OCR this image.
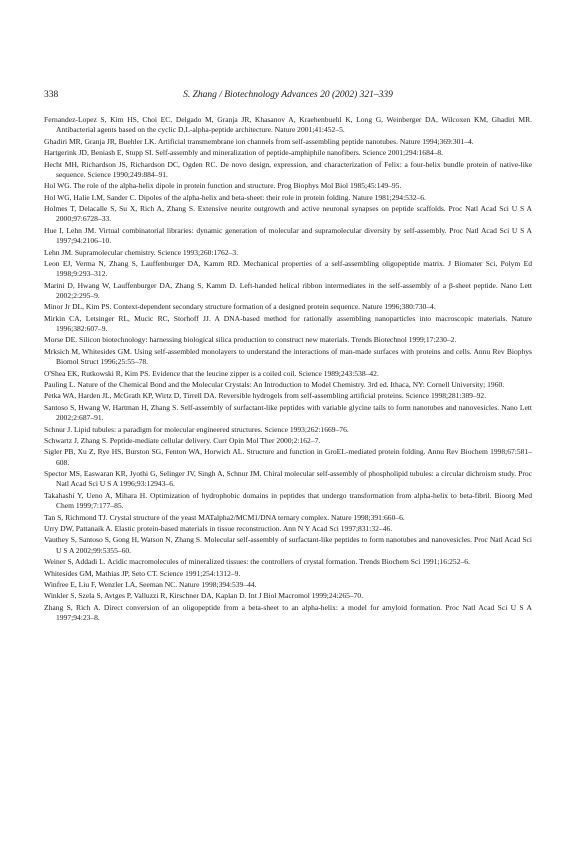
338	S. Zhang / Biotechnology Advances 20 (2002) 321–339
Fernandez-Lopez S, Kim HS, Choi EC, Delgado M, Granja JR, Khasanov A, Kraehenbuehl K, Long G, Weinberger DA, Wilcoxen KM, Ghadiri MR. Antibacterial agents based on the cyclic D,L-alpha-peptide architecture. Nature 2001;41:452–5.
Ghadiri MR, Granja JR, Buehler LK. Artificial transmembrane ion channels from self-assembling peptide nanotubes. Nature 1994;369:301–4.
Hartgerink JD, Beniash E, Stupp SI. Self-assembly and mineralization of peptide-amphiphile nanofibers. Science 2001;294:1684–8.
Hecht MH, Richardson JS, Richardson DC, Ogden RC. De novo design, expression, and characterization of Felix: a four-helix bundle protein of native-like sequence. Science 1990;249:884–91.
Hol WG. The role of the alpha-helix dipole in protein function and structure. Prog Biophys Mol Biol 1985;45:149–95.
Hol WG, Halie LM, Sander C. Dipoles of the alpha-helix and beta-sheet: their role in protein folding. Nature 1981;294:532–6.
Holmes T, Delacalle S, Su X, Rich A, Zhang S. Extensive neurite outgrowth and active neuronal synapses on peptide scaffolds. Proc Natl Acad Sci U S A 2000;97:6728–33.
Hue I, Lehn JM. Virtual combinatorial libraries: dynamic generation of molecular and supramolecular diversity by self-assembly. Proc Natl Acad Sci U S A 1997;94:2106–10.
Lehn JM. Supramolecular chemistry. Science 1993;260:1762–3.
Leon EJ, Verma N, Zhang S, Lauffenburger DA, Kamm RD. Mechanical properties of a self-assembling oligopeptide matrix. J Biomater Sci, Polym Ed 1998;9:293–312.
Marini D, Hwang W, Lauffenburger DA, Zhang S, Kamm D. Left-handed helical ribbon intermediates in the self-assembly of a β-sheet peptide. Nano Lett 2002;2:295–9.
Minor Jr DL, Kim PS. Context-dependent secondary structure formation of a designed protein sequence. Nature 1996;380:730–4.
Mirkin CA, Letsinger RL, Mucic RC, Storhoff JJ. A DNA-based method for rationally assembling nanoparticles into macroscopic materials. Nature 1996;382:607–9.
Morse DE. Silicon biotechnology: harnessing biological silica production to construct new materials. Trends Biotechnol 1999;17:230–2.
Mrksich M, Whitesides GM. Using self-assembled monolayers to understand the interactions of man-made surfaces with proteins and cells. Annu Rev Biophys Biomol Struct 1996;25:55–78.
O'Shea EK, Rutkowski R, Kim PS. Evidence that the leucine zipper is a coiled coil. Science 1989;243:538–42.
Pauling L. Nature of the Chemical Bond and the Molecular Crystals: An Introduction to Model Chemistry. 3rd ed. Ithaca, NY: Cornell University; 1960.
Petka WA, Harden JL, McGrath KP, Wirtz D, Tirrell DA. Reversible hydrogels from self-assembling artificial proteins. Science 1998;281:389–92.
Santoso S, Hwang W, Hartman H, Zhang S. Self-assembly of surfactant-like peptides with variable glycine tails to form nanotubes and nanovesicles. Nano Lett 2002;2:687–91.
Schnur J. Lipid tubules: a paradigm for molecular engineered structures. Science 1993;262:1669–76.
Schwartz J, Zhang S. Peptide-mediate cellular delivery. Curr Opin Mol Ther 2000;2:162–7.
Sigler PB, Xu Z, Rye HS, Burston SG, Fenton WA, Horwich AL. Structure and function in GroEL-mediated protein folding. Annu Rev Biochem 1998;67:581–608.
Spector MS, Easwaran KR, Jyothi G, Selinger JV, Singh A, Schnur JM. Chiral molecular self-assembly of phospholipid tubules: a circular dichroism study. Proc Natl Acad Sci U S A 1996;93:12943–6.
Takahashi Y, Ueno A, Mihara H. Optimization of hydrophobic domains in peptides that undergo transformation from alpha-helix to beta-fibril. Bioorg Med Chem 1999;7:177–85.
Tan S, Richmond TJ. Crystal structure of the yeast MATalpha2/MCM1/DNA ternary complex. Nature 1998;391:660–6.
Urry DW, Pattanaik A. Elastic protein-based materials in tissue reconstruction. Ann N Y Acad Sci 1997;831:32–46.
Vauthey S, Santoso S, Gong H, Watson N, Zhang S. Molecular self-assembly of surfactant-like peptides to form nanotubes and nanovesicles. Proc Natl Acad Sci U S A 2002;99:5355–60.
Weiner S, Addadi L. Acidic macromolecules of mineralized tissues: the controllers of crystal formation. Trends Biochem Sci 1991;16:252–6.
Whitesides GM, Mathias JP, Seto CT. Science 1991;254:1312–9.
Winfree E, Liu F, Wenzler LA, Seeman NC. Nature 1998;394:539–44.
Winkler S, Szela S, Avtges P, Valluzzi R, Kirschner DA, Kaplan D. Int J Biol Macromol 1999;24:265–70.
Zhang S, Rich A. Direct conversion of an oligopeptide from a beta-sheet to an alpha-helix: a model for amyloid formation. Proc Natl Acad Sci U S A 1997;94:23–8.
